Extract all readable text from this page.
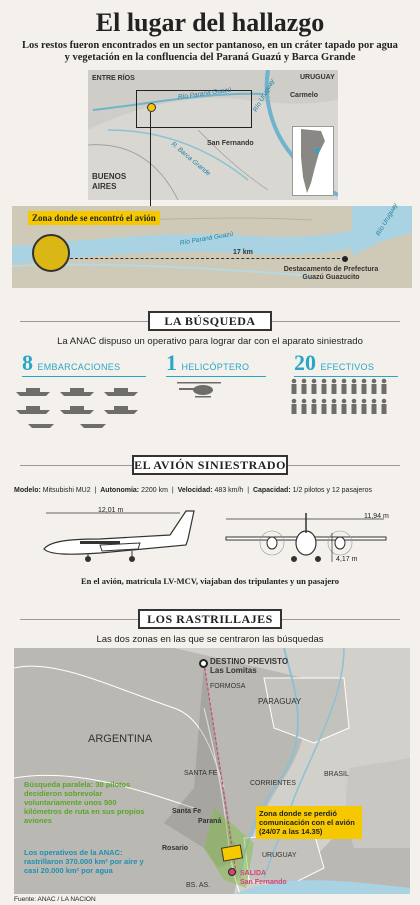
El lugar del hallazgo
Los restos fueron encontrados en un sector pantanoso, en un cráter tapado por agua y vegetación en la confluencia del Paraná Guazú y Barca Grande
ENTRE RÍOS	URUGUAY
Carmelo
Río Paraná Guazú	Río Uruguay
R. Barca Grande
San Fernando
BUENOS AIRES
Zona donde se encontró el avión
Río Paraná Guazú
Río Uruguay
17 km
Destacamento de Prefectura Guazú Guazucito
LA BÚSQUEDA
La ANAC dispuso un operativo para lograr dar con el aparato siniestrado
8 EMBARCACIONES 1 HELICÓPTERO 20 EFECTIVOS
EL AVIÓN SINIESTRADO
Modelo: Mitsubishi MU2  |  Autonomía: 2200 km  |  Velocidad: 483 km/h  |  Capacidad: 1/2 pilotos y 12 pasajeros
12,01 m
11,94 m
4,17 m
En el avión, matrícula LV-MCV, viajaban dos tripulantes y un pasajero
LOS RASTRILLAJES
Las dos zonas en las que se centraron las búsquedas
DESTINO PREVISTO
Las Lomitas
FORMOSA
PARAGUAY
ARGENTINA
SANTA FE
CORRIENTES
BRASIL
Santa Fe
Paraná
Rosario
URUGUAY
SALIDA
San Fernando
BS. AS.
Búsqueda paralela: 30 pilotos decidieron sobrevolar voluntariamente unos 500 kilómetros de ruta en sus propios aviones
Los operativos de la ANAC: rastrillaron 370.000 km² por aire y casi 20.000 km² por agua
Zona donde se perdió comunicación con el avión
(24/07 a las 14.35)
Fuente: ANAC / LA NACION
